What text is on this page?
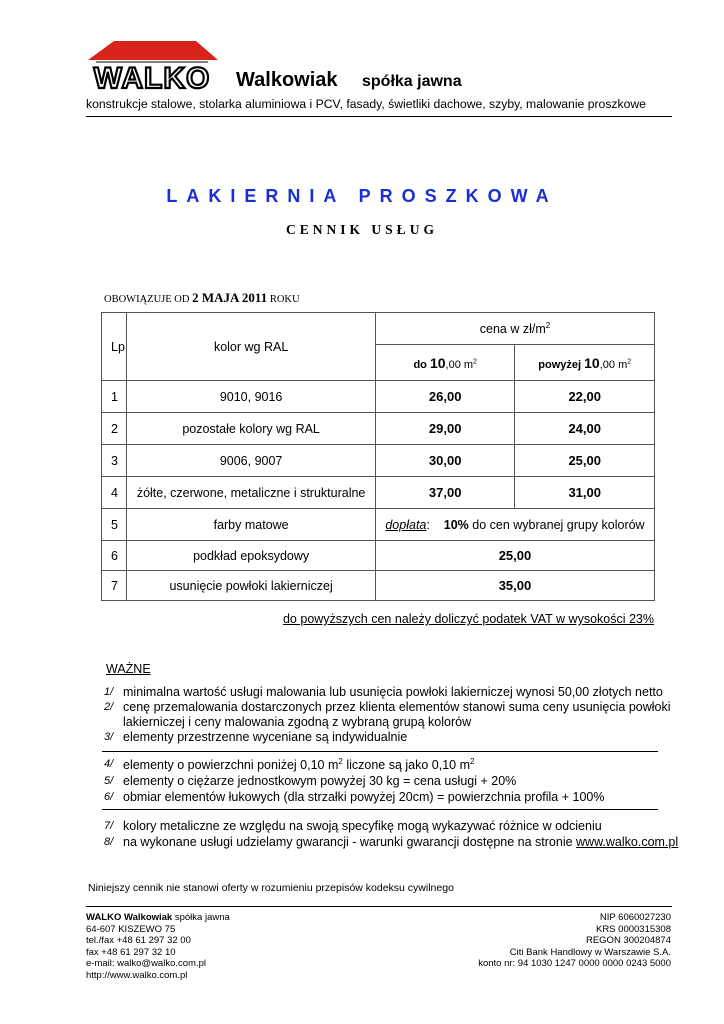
WALKO Walkowiak spółka jawna
konstrukcje stalowe, stolarka aluminiowa i PCV, fasady, świetliki dachowe, szyby, malowanie proszkowe
LAKIERNIA PROSZKOWA
CENNIK USŁUG
OBOWIĄZUJE OD 2 MAJA 2011 ROKU
Lp	kolor wg RAL	cena w $zł/m^2$
		do 10,00 $m^2$	powyżej 10,00 $m^2$
1	9010, 9016	26,00	22,00
2	pozostałe kolory wg RAL	29,00	24,00
3	9006, 9007	30,00	25,00
4	żółte, czerwone, metaliczne i strukturalne	37,00	31,00
5	farby matowe	dopłata:    10% do cen wybranej grupy kolorów	
6	podkład epoksydowy	25,00	
7	usunięcie powłoki lakierniczej	35,00	
do powyższych cen należy doliczyć podatek VAT w wysokości 23%
WAŻNE
1/ minimalna wartość usługi malowania lub usunięcia powłoki lakierniczej wynosi 50,00 złotych netto
2/ cenę przemalowania dostarczonych przez klienta elementów stanowi suma ceny usunięcia powłoki
lakierniczej i ceny malowania zgodną z wybraną grupą kolorów
3/ elementy przestrzenne wyceniane są indywidualnie
4/ elementy o powierzchni poniżej 0,10 $m^2$ liczone są jako 0,10 $m^2$
5/ elementy o ciężarze jednostkowym powyżej 30 kg = cena usługi + 20%
6/ obmiar elementów łukowych (dla strzałki powyżej 20cm) = powierzchnia profila + 100%
7/ kolory metaliczne ze względu na swoją specyfikę mogą wykazywać różnice w odcieniu
8/ na wykonane usługi udzielamy gwarancji - warunki gwarancji dostępne na stronie www.walko.com.pl
Niniejszy cennik nie stanowi oferty w rozumieniu przepisów kodeksu cywilnego
WALKO Walkowiak spółka jawna
64-607 KISZEWO 75
tel./fax +48 61 297 32 00
fax +48 61 297 32 10
e-mail: walko@walko.com.pl
http://www.walko.com.pl
NIP 6060027230
KRS 0000315308
REGON 300204874
Citi Bank Handlowy w Warszawie S.A.
konto nr: 94 1030 1247 0000 0000 0243 5000
